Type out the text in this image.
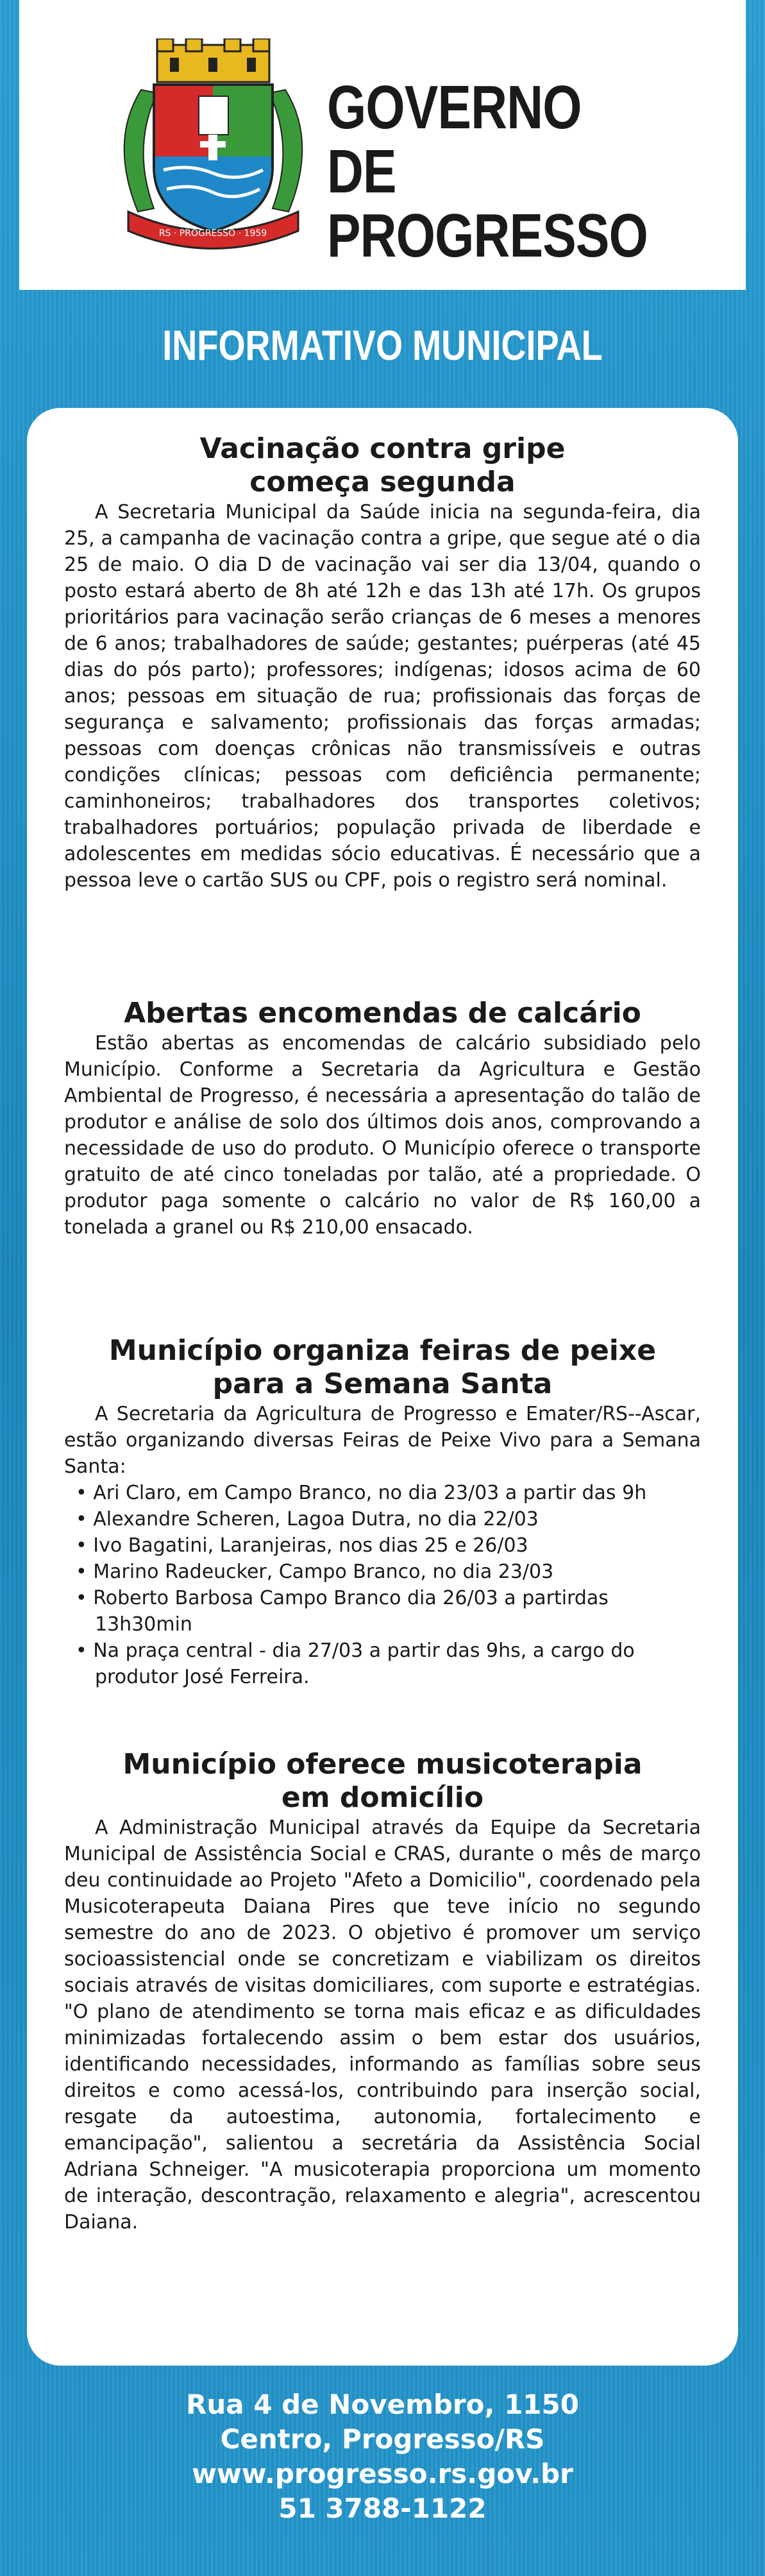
RS · PROGRESSO · 1959
GOVERNO
DE PROGRESSO
INFORMATIVO MUNICIPAL
Vacinação contra gripe
começa segunda

A Secretaria Municipal da Saúde inicia na segunda-feira, dia 25, a campanha de vacinação contra a gripe, que segue até o dia 25 de maio. O dia D de vacinação vai ser dia 13/04, quando o posto estará aberto de 8h até 12h e das 13h até 17h. Os grupos prioritários para vacinação serão crianças de 6 meses a menores de 6 anos; trabalhadores de saúde; gestantes; puérperas (até 45 dias do pós parto); professores; indígenas; idosos acima de 60 anos; pessoas em situação de rua; profissionais das forças de segurança e salvamento; profissionais das forças armadas; pessoas com doenças crônicas não transmissíveis e outras condições clínicas; pessoas com deficiência permanente; caminhoneiros; trabalhadores dos transportes coletivos; trabalhadores portuários; população privada de liberdade e adolescentes em medidas sócio educativas. É necessário que a pessoa leve o cartão SUS ou CPF, pois o registro será nominal.

Abertas encomendas de calcário

Estão abertas as encomendas de calcário subsidiado pelo Município. Conforme a Secretaria da Agricultura e Gestão Ambiental de Progresso, é necessária a apresentação do talão de produtor e análise de solo dos últimos dois anos, comprovando a necessidade de uso do produto. O Município oferece o transporte gratuito de até cinco toneladas por talão, até a propriedade. O produtor paga somente o calcário no valor de R$ 160,00 a tonelada a granel ou R$ 210,00 ensacado.

Município organiza feiras de peixe
para a Semana Santa

A Secretaria da Agricultura de Progresso e Emater/RS--Ascar, estão organizando diversas Feiras de Peixe Vivo para a Semana Santa:

• Ari Claro, em Campo Branco, no dia 23/03 a partir das 9h
• Alexandre Scheren, Lagoa Dutra, no dia 22/03
• Ivo Bagatini, Laranjeiras, nos dias 25 e 26/03
• Marino Radeucker, Campo Branco, no dia 23/03
• Roberto Barbosa Campo Branco dia 26/03 a partirdas 13h30min
• Na praça central - dia 27/03 a partir das 9hs, a cargo do produtor José Ferreira.
Município oferece musicoterapia
em domicílio

A Administração Municipal através da Equipe da Secretaria Municipal de Assistência Social e CRAS, durante o mês de março deu continuidade ao Projeto "Afeto a Domicilio", coordenado pela Musicoterapeuta Daiana Pires que teve início no segundo semestre do ano de 2023. O objetivo é promover um serviço socioassistencial onde se concretizam e viabilizam os direitos sociais através de visitas domiciliares, com suporte e estratégias. "O plano de atendimento se torna mais eficaz e as dificuldades minimizadas fortalecendo assim o bem estar dos usuários, identificando necessidades, informando as famílias sobre seus direitos e como acessá-los, contribuindo para inserção social, resgate da autoestima, autonomia, fortalecimento e emancipação", salientou a secretária da Assistência Social Adriana Schneiger. "A musicoterapia proporciona um momento de interação, descontração, relaxamento e alegria", acrescentou Daiana.

Rua 4 de Novembro, 1150
Centro, Progresso/RS
www.progresso.rs.gov.br
51 3788-1122
